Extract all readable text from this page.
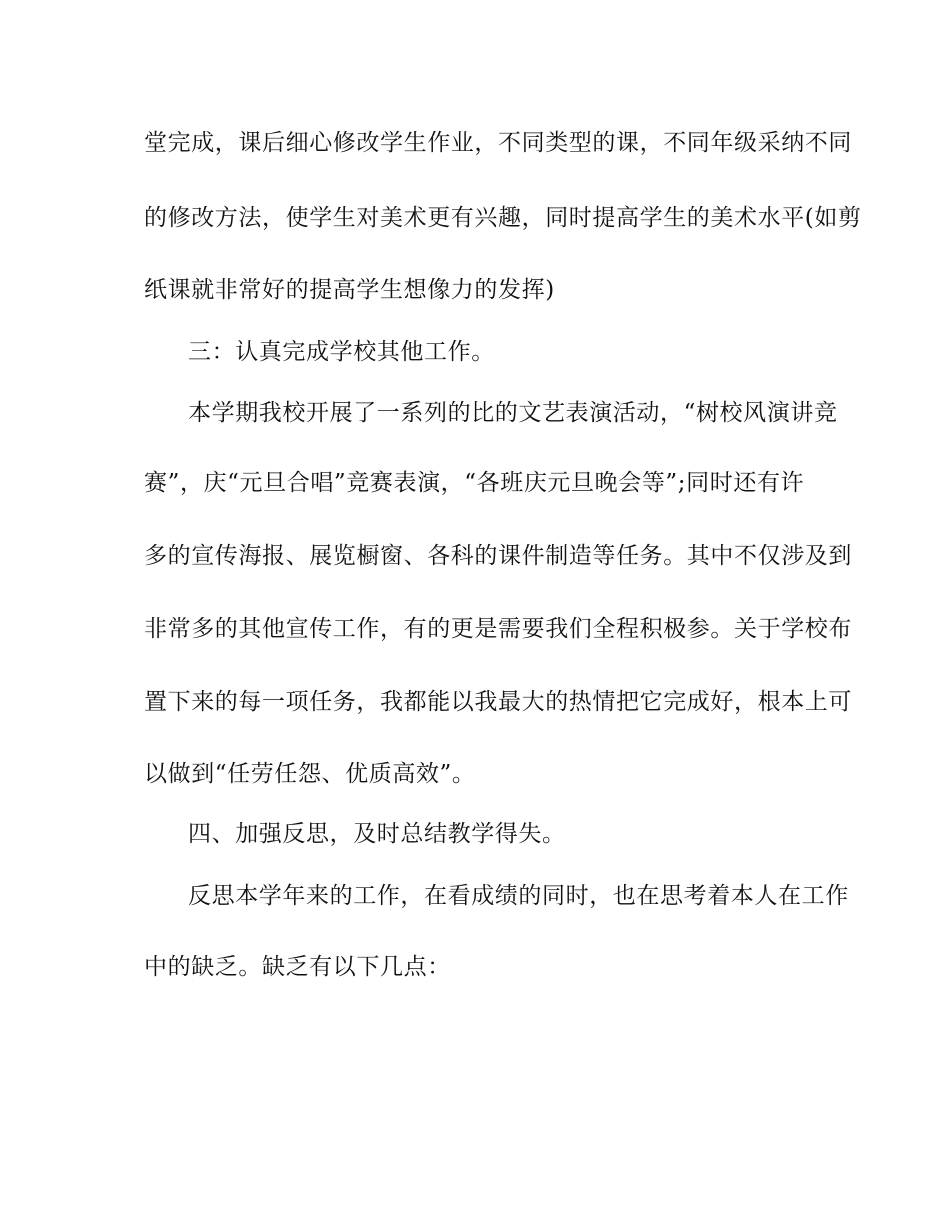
堂完成，课后细心修改学生作业，不同类型的课，不同年级采纳不同
的修改方法，使学生对美术更有兴趣，同时提高学生的美术水平(如剪
纸课就非常好的提高学生想像力的发挥)
三：认真完成学校其他工作。
本学期我校开展了一系列的比的文艺表演活动，“树校风演讲竞
赛”，庆“元旦合唱”竞赛表演，“各班庆元旦晚会等”;同时还有许
多的宣传海报、展览橱窗、各科的课件制造等任务。其中不仅涉及到
非常多的其他宣传工作，有的更是需要我们全程积极参。关于学校布
置下来的每一项任务，我都能以我最大的热情把它完成好，根本上可
以做到“任劳任怨、优质高效”。
四、加强反思，及时总结教学得失。
反思本学年来的工作，在看成绩的同时，也在思考着本人在工作
中的缺乏。缺乏有以下几点：
